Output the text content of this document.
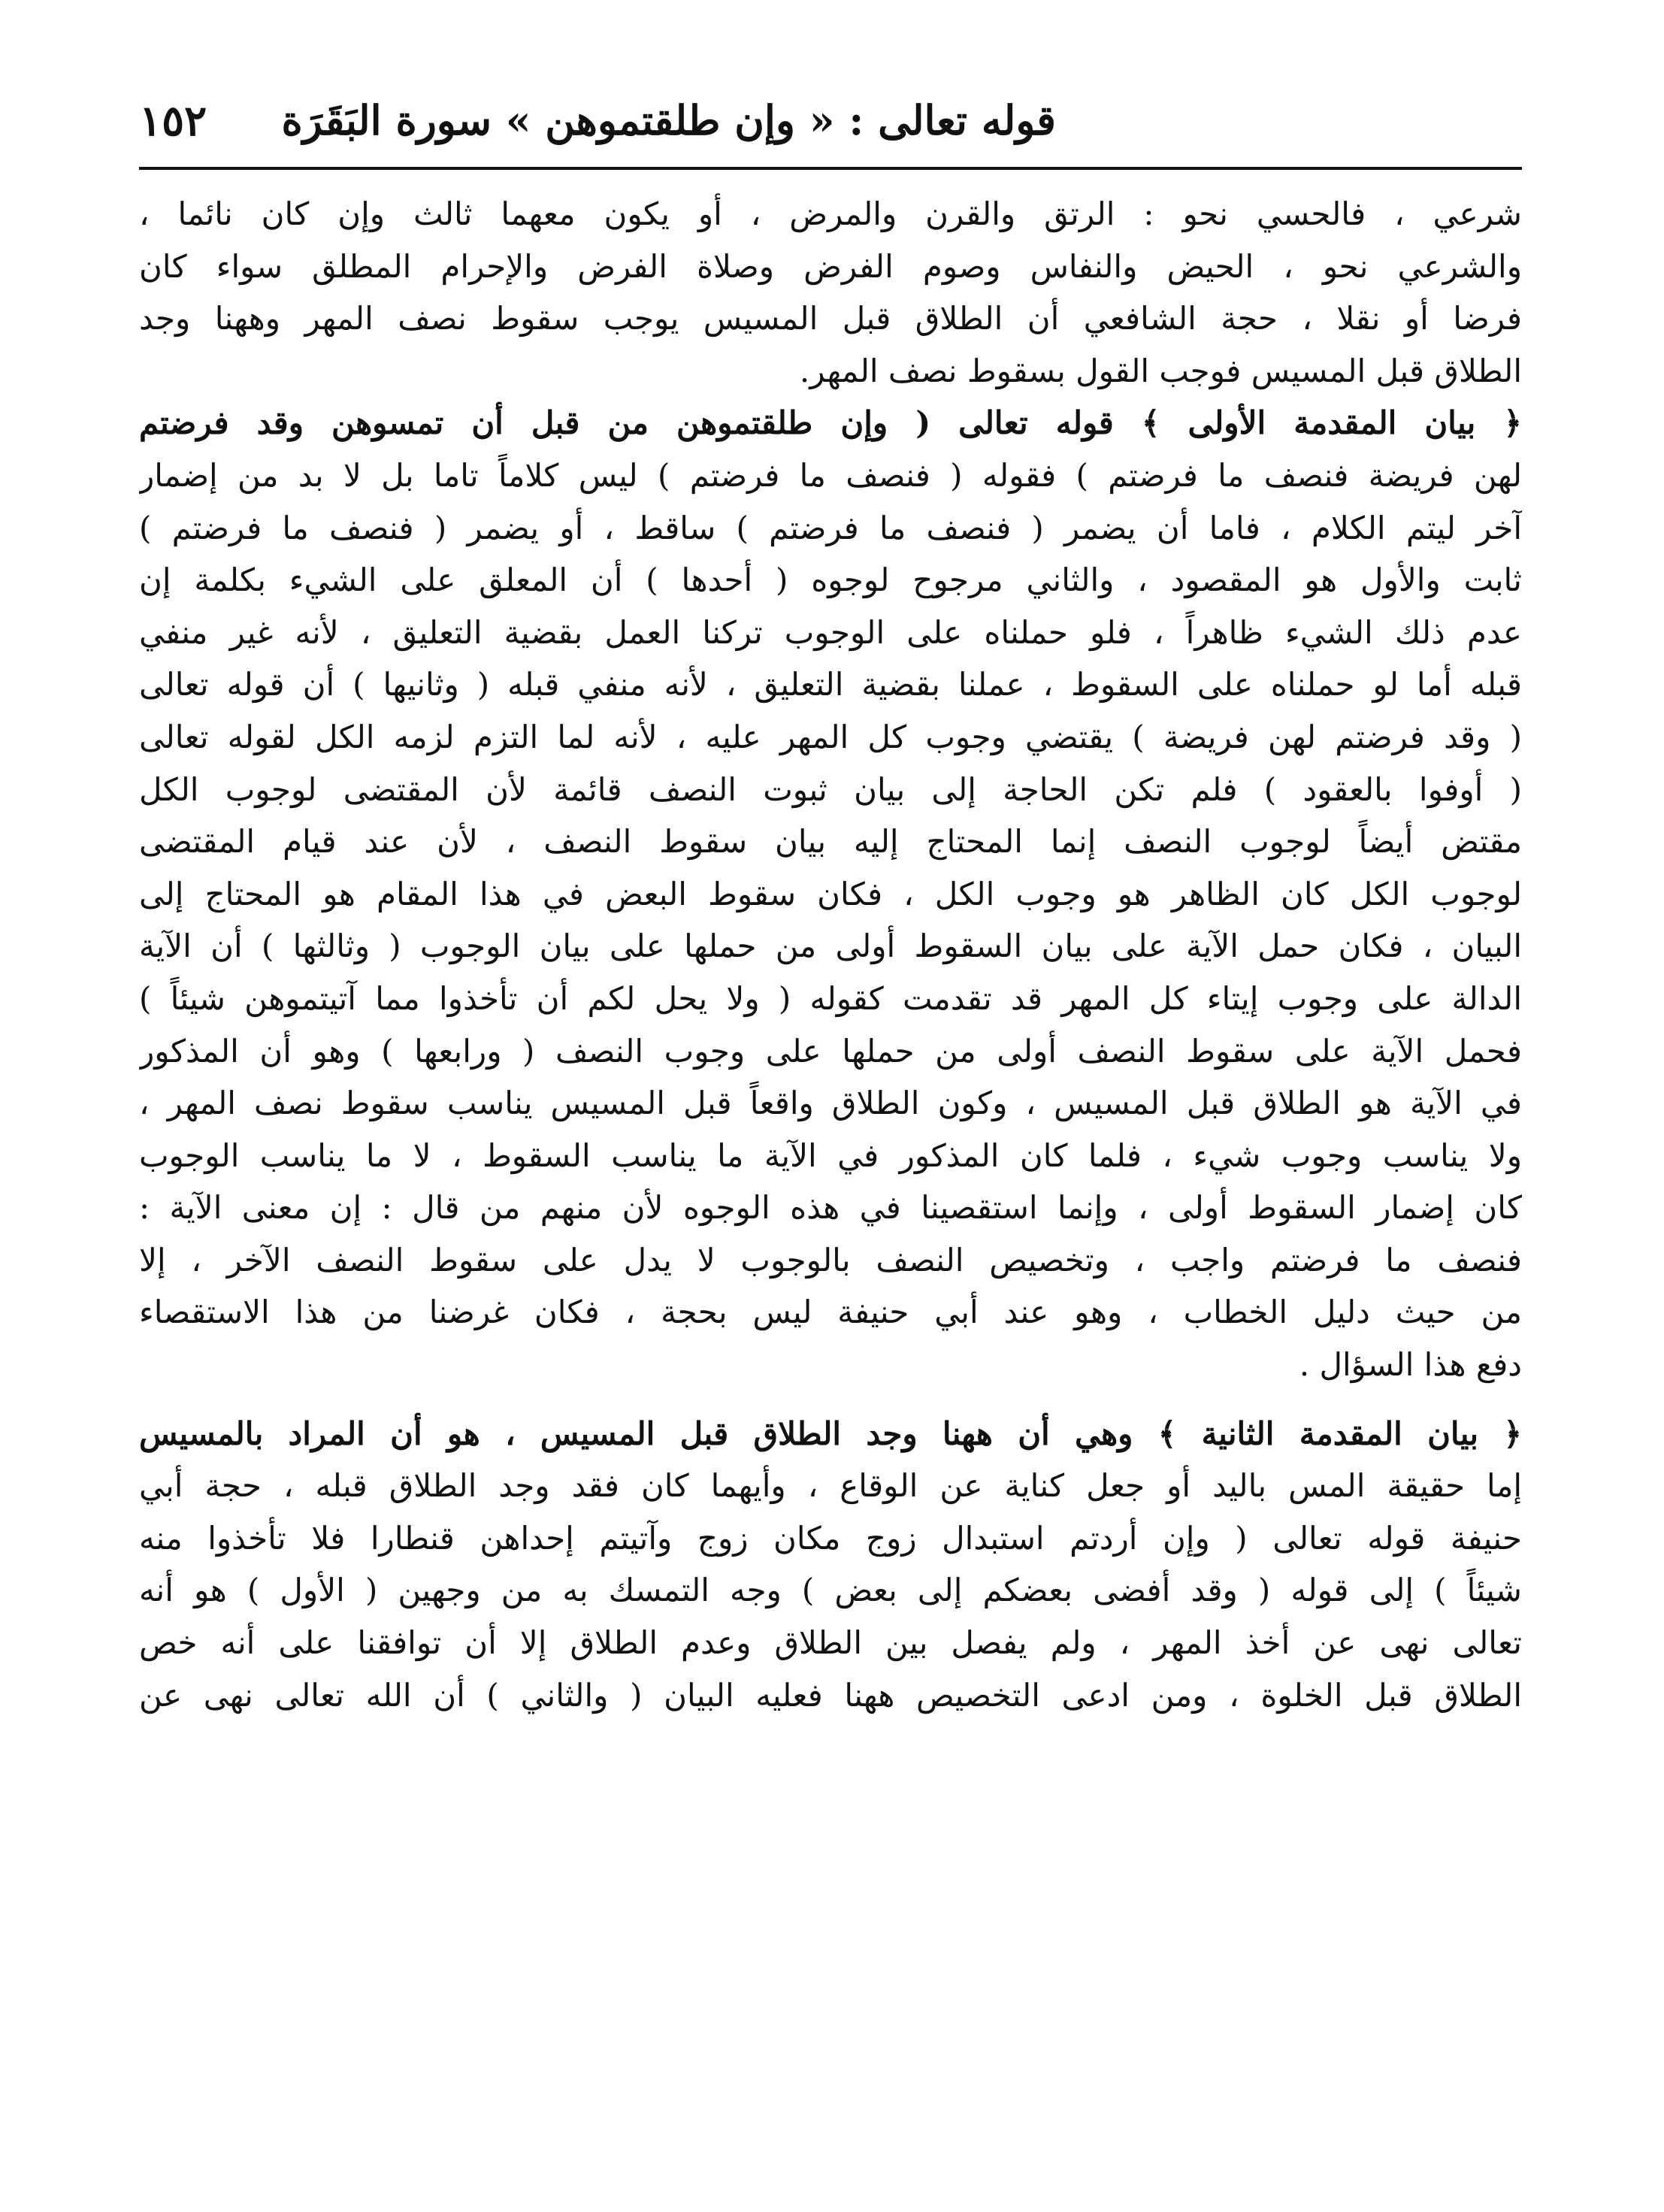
قوله تعالى : « وإن طلقتموهن » سورة البَقَرَة
١٥٢
شرعي ، فالحسي نحو : الرتق والقرن والمرض ، أو يكون معهما ثالث وإن كان نائما ،
والشرعي نحو ، الحيض والنفاس وصوم الفرض وصلاة الفرض والإحرام المطلق سواء كان
فرضا أو نقلا ، حجة الشافعي أن الطلاق قبل المسيس يوجب سقوط نصف المهر وههنا وجد
الطلاق قبل المسيس فوجب القول بسقوط نصف المهر.
﴿ بيان المقدمة الأولى ﴾ قوله تعالى ( وإن طلقتموهن من قبل أن تمسوهن وقد فرضتم
لهن فريضة فنصف ما فرضتم ) فقوله ( فنصف ما فرضتم ) ليس كلاماً تاما بل لا بد من إضمار
آخر ليتم الكلام ، فاما أن يضمر ( فنصف ما فرضتم ) ساقط ، أو يضمر ( فنصف ما فرضتم )
ثابت والأول هو المقصود ، والثاني مرجوح لوجوه ( أحدها ) أن المعلق على الشيء بكلمة إن
عدم ذلك الشيء ظاهراً ، فلو حملناه على الوجوب تركنا العمل بقضية التعليق ، لأنه غير منفي
قبله أما لو حملناه على السقوط ، عملنا بقضية التعليق ، لأنه منفي قبله ( وثانيها ) أن قوله تعالى
( وقد فرضتم لهن فريضة ) يقتضي وجوب كل المهر عليه ، لأنه لما التزم لزمه الكل لقوله تعالى
( أوفوا بالعقود ) فلم تكن الحاجة إلى بيان ثبوت النصف قائمة لأن المقتضى لوجوب الكل
مقتض أيضاً لوجوب النصف إنما المحتاج إليه بيان سقوط النصف ، لأن عند قيام المقتضى
لوجوب الكل كان الظاهر هو وجوب الكل ، فكان سقوط البعض في هذا المقام هو المحتاج إلى
البيان ، فكان حمل الآية على بيان السقوط أولى من حملها على بيان الوجوب ( وثالثها ) أن الآية
الدالة على وجوب إيتاء كل المهر قد تقدمت كقوله ( ولا يحل لكم أن تأخذوا مما آتيتموهن شيئاً )
فحمل الآية على سقوط النصف أولى من حملها على وجوب النصف ( ورابعها ) وهو أن المذكور
في الآية هو الطلاق قبل المسيس ، وكون الطلاق واقعاً قبل المسيس يناسب سقوط نصف المهر ،
ولا يناسب وجوب شيء ، فلما كان المذكور في الآية ما يناسب السقوط ، لا ما يناسب الوجوب
كان إضمار السقوط أولى ، وإنما استقصينا في هذه الوجوه لأن منهم من قال : إن معنى الآية :
فنصف ما فرضتم واجب ، وتخصيص النصف بالوجوب لا يدل على سقوط النصف الآخر ، إلا
من حيث دليل الخطاب ، وهو عند أبي حنيفة ليس بحجة ، فكان غرضنا من هذا الاستقصاء
دفع هذا السؤال .
﴿ بيان المقدمة الثانية ﴾ وهي أن ههنا وجد الطلاق قبل المسيس ، هو أن المراد بالمسيس
إما حقيقة المس باليد أو جعل كناية عن الوقاع ، وأيهما كان فقد وجد الطلاق قبله ، حجة أبي
حنيفة قوله تعالى ( وإن أردتم استبدال زوج مكان زوج وآتيتم إحداهن قنطارا فلا تأخذوا منه
شيئاً ) إلى قوله ( وقد أفضى بعضكم إلى بعض ) وجه التمسك به من وجهين ( الأول ) هو أنه
تعالى نهى عن أخذ المهر ، ولم يفصل بين الطلاق وعدم الطلاق إلا أن توافقنا على أنه خص
الطلاق قبل الخلوة ، ومن ادعى التخصيص ههنا فعليه البيان ( والثاني ) أن الله تعالى نهى عن
